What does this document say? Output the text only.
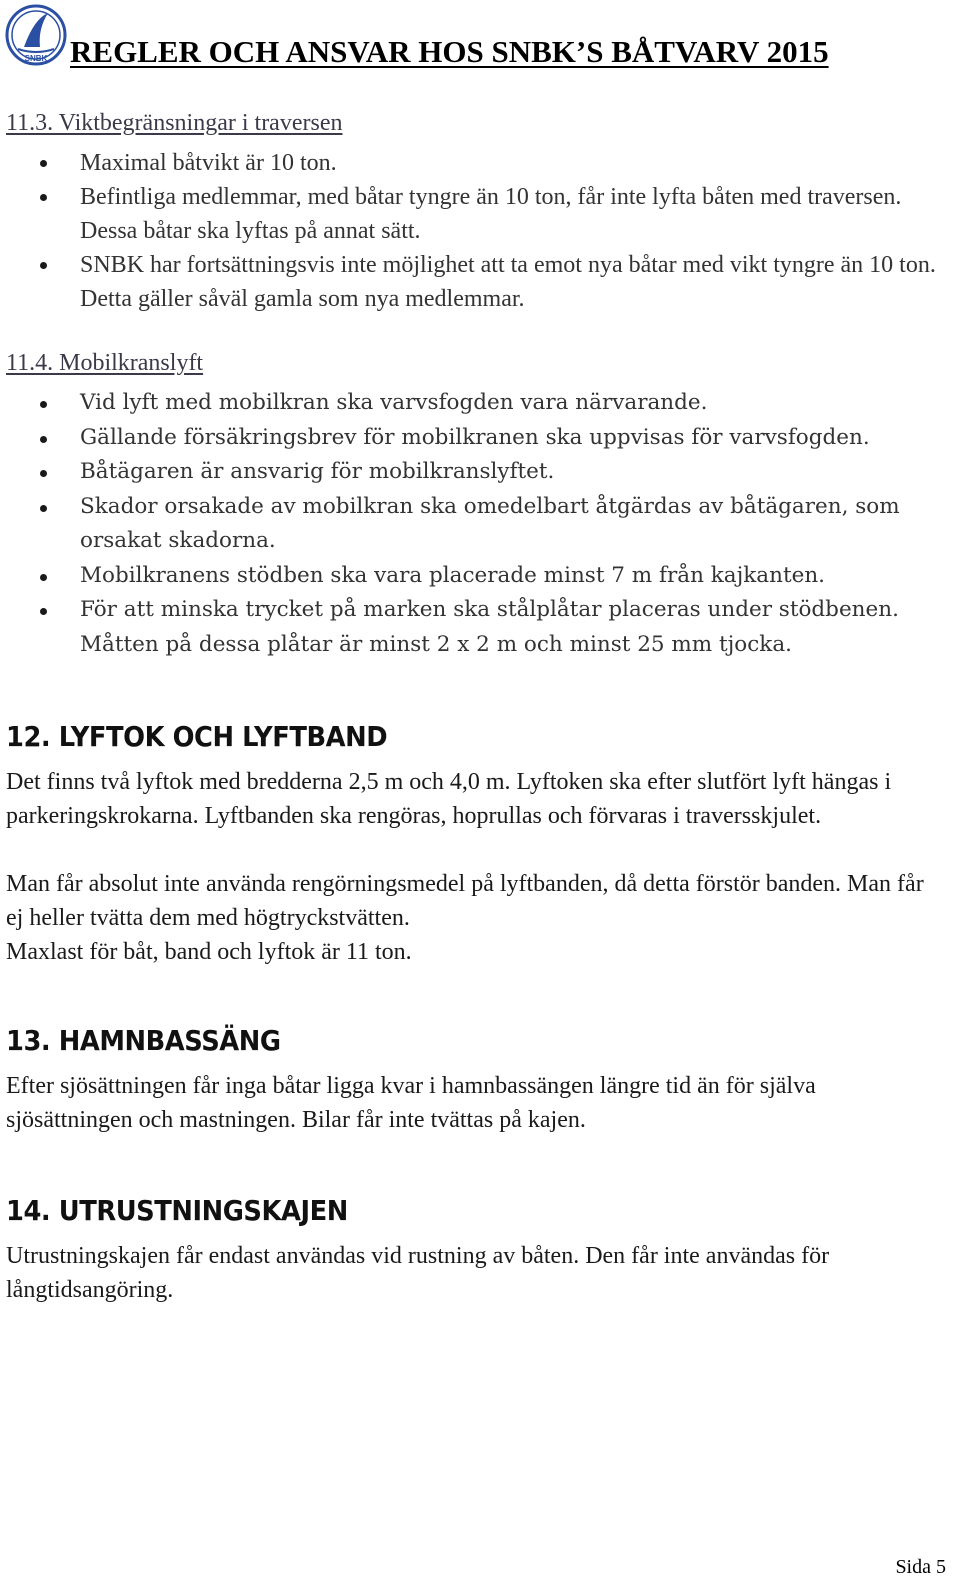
SNBK REGLER OCH ANSVAR HOS SNBK’S BÅTVARV 2015
11.3. Viktbegränsningar i traversen
Maximal båtvikt är 10 ton.
Befintliga medlemmar, med båtar tyngre än 10 ton, får inte lyfta båten med traversen. Dessa båtar ska lyftas på annat sätt.
SNBK har fortsättningsvis inte möjlighet att ta emot nya båtar med vikt tyngre än 10 ton. Detta gäller såväl gamla som nya medlemmar.
11.4. Mobilkranslyft
Vid lyft med mobilkran ska varvsfogden vara närvarande.
Gällande försäkringsbrev för mobilkranen ska uppvisas för varvsfogden.
Båtägaren är ansvarig för mobilkranslyftet.
Skador orsakade av mobilkran ska omedelbart åtgärdas av båtägaren, som orsakat skadorna.
Mobilkranens stödben ska vara placerade minst 7 m från kajkanten.
För att minska trycket på marken ska stålplåtar placeras under stödbenen. Måtten på dessa plåtar är minst 2 x 2 m och minst 25 mm tjocka.
12. LYFTOK OCH LYFTBAND

Det finns två lyftok med bredderna 2,5 m och 4,0 m. Lyftoken ska efter slutfört lyft hängas i parkeringskrokarna. Lyftbanden ska rengöras, hoprullas och förvaras i traversskjulet.

Man får absolut inte använda rengörningsmedel på lyftbanden, då detta förstör banden. Man får ej heller tvätta dem med högtryckstvätten.

Maxlast för båt, band och lyftok är 11 ton.

13. HAMNBASSÄNG

Efter sjösättningen får inga båtar ligga kvar i hamnbassängen längre tid än för själva sjösättningen och mastningen. Bilar får inte tvättas på kajen.

14. UTRUSTNINGSKAJEN

Utrustningskajen får endast användas vid rustning av båten. Den får inte användas för långtidsangöring.

Sida 5
